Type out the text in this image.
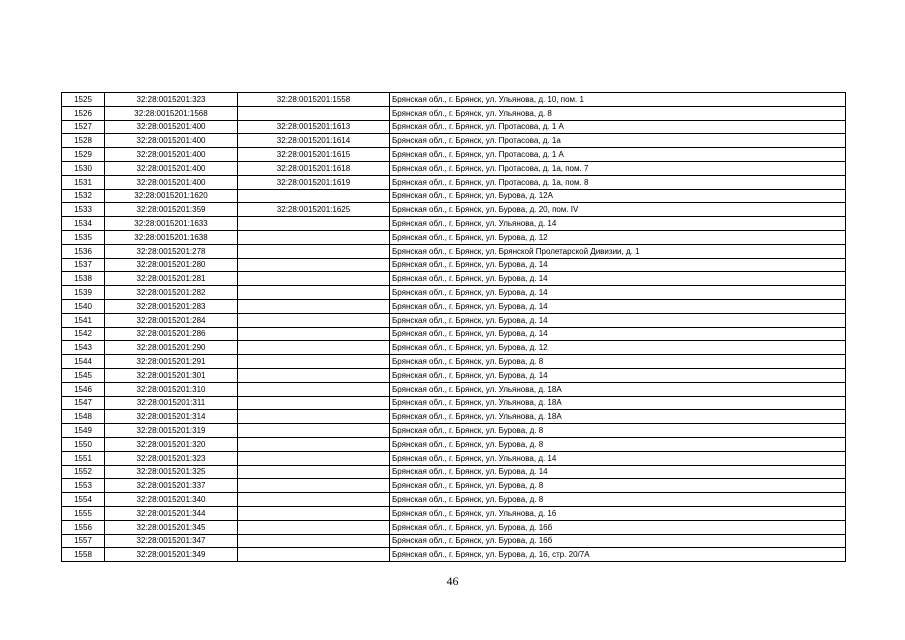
1525	32:28:0015201:323	32:28:0015201:1558	Брянская обл., г. Брянск, ул. Ульянова, д. 10, пом. 1
1526	32:28:0015201:1568		Брянская обл., г. Брянск, ул. Ульянова, д. 8
1527	32:28:0015201:400	32:28:0015201:1613	Брянская обл., г. Брянск, ул. Протасова, д. 1 А
1528	32:28:0015201:400	32:28:0015201:1614	Брянская обл., г. Брянск, ул. Протасова, д. 1а
1529	32:28:0015201:400	32:28:0015201:1615	Брянская обл., г. Брянск, ул. Протасова, д. 1 А
1530	32:28:0015201:400	32:28:0015201:1618	Брянская обл., г. Брянск, ул. Протасова, д. 1а, пом. 7
1531	32:28:0015201:400	32:28:0015201:1619	Брянская обл., г. Брянск, ул. Протасова, д. 1а, пом. 8
1532	32:28:0015201:1620		Брянская обл., г. Брянск, ул. Бурова, д. 12А
1533	32:28:0015201:359	32:28:0015201:1625	Брянская обл., г. Брянск, ул. Бурова, д. 20, пом. IV
1534	32:28:0015201:1633		Брянская обл., г. Брянск, ул. Ульянова, д. 14
1535	32:28:0015201:1638		Брянская обл., г. Брянск, ул. Бурова, д. 12
1536	32:28:0015201:278		Брянская обл., г. Брянск, ул. Брянской Пролетарской Дивизии, д. 1
1537	32:28:0015201:280		Брянская обл., г. Брянск, ул. Бурова, д. 14
1538	32:28:0015201:281		Брянская обл., г. Брянск, ул. Бурова, д. 14
1539	32:28:0015201:282		Брянская обл., г. Брянск, ул. Бурова, д. 14
1540	32:28:0015201:283		Брянская обл., г. Брянск, ул. Бурова, д. 14
1541	32:28:0015201:284		Брянская обл., г. Брянск, ул. Бурова, д. 14
1542	32:28:0015201:286		Брянская обл., г. Брянск, ул. Бурова, д. 14
1543	32:28:0015201:290		Брянская обл., г. Брянск, ул. Бурова, д. 12
1544	32:28:0015201:291		Брянская обл., г. Брянск, ул. Бурова, д. 8
1545	32:28:0015201:301		Брянская обл., г. Брянск, ул. Бурова, д. 14
1546	32:28:0015201:310		Брянская обл., г. Брянск, ул. Ульянова, д. 18А
1547	32:28:0015201:311		Брянская обл., г. Брянск, ул. Ульянова, д. 18А
1548	32:28:0015201:314		Брянская обл., г. Брянск, ул. Ульянова, д. 18А
1549	32:28:0015201:319		Брянская обл., г. Брянск, ул. Бурова, д. 8
1550	32:28:0015201:320		Брянская обл., г. Брянск, ул. Бурова, д. 8
1551	32:28:0015201:323		Брянская обл., г. Брянск, ул. Ульянова, д. 14
1552	32:28:0015201:325		Брянская обл., г. Брянск, ул. Бурова, д. 14
1553	32:28:0015201:337		Брянская обл., г. Брянск, ул. Бурова, д. 8
1554	32:28:0015201:340		Брянская обл., г. Брянск, ул. Бурова, д. 8
1555	32:28:0015201:344		Брянская обл., г. Брянск, ул. Ульянова, д. 16
1556	32:28:0015201:345		Брянская обл., г. Брянск, ул. Бурова, д. 16б
1557	32:28:0015201:347		Брянская обл., г. Брянск, ул. Бурова, д. 16б
1558	32:28:0015201:349		Брянская обл., г. Брянск, ул. Бурова, д. 16, стр. 20/7А
46
